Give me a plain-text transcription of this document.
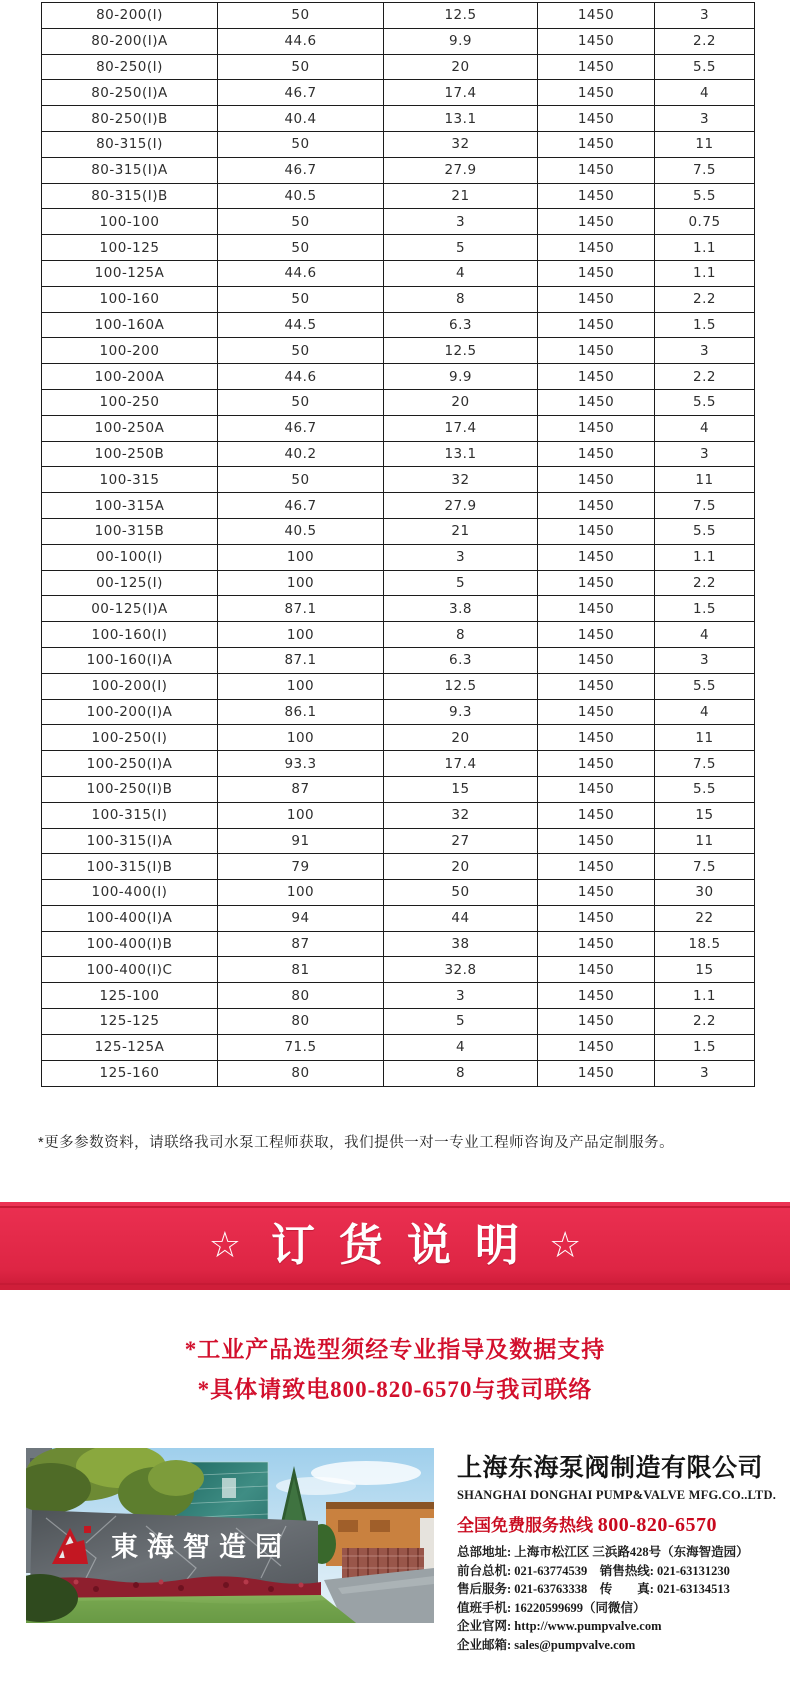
80-200(I)	50	12.5	1450	3
80-200(I)A	44.6	9.9	1450	2.2
80-250(I)	50	20	1450	5.5
80-250(I)A	46.7	17.4	1450	4
80-250(I)B	40.4	13.1	1450	3
80-315(I)	50	32	1450	11
80-315(I)A	46.7	27.9	1450	7.5
80-315(I)B	40.5	21	1450	5.5
100-100	50	3	1450	0.75
100-125	50	5	1450	1.1
100-125A	44.6	4	1450	1.1
100-160	50	8	1450	2.2
100-160A	44.5	6.3	1450	1.5
100-200	50	12.5	1450	3
100-200A	44.6	9.9	1450	2.2
100-250	50	20	1450	5.5
100-250A	46.7	17.4	1450	4
100-250B	40.2	13.1	1450	3
100-315	50	32	1450	11
100-315A	46.7	27.9	1450	7.5
100-315B	40.5	21	1450	5.5
00-100(I)	100	3	1450	1.1
00-125(I)	100	5	1450	2.2
00-125(I)A	87.1	3.8	1450	1.5
100-160(I)	100	8	1450	4
100-160(I)A	87.1	6.3	1450	3
100-200(I)	100	12.5	1450	5.5
100-200(I)A	86.1	9.3	1450	4
100-250(I)	100	20	1450	11
100-250(I)A	93.3	17.4	1450	7.5
100-250(I)B	87	15	1450	5.5
100-315(I)	100	32	1450	15
100-315(I)A	91	27	1450	11
100-315(I)B	79	20	1450	7.5
100-400(I)	100	50	1450	30
100-400(I)A	94	44	1450	22
100-400(I)B	87	38	1450	18.5
100-400(I)C	81	32.8	1450	15
125-100	80	3	1450	1.1
125-125	80	5	1450	2.2
125-125A	71.5	4	1450	1.5
125-160	80	8	1450	3

*更多参数资料，请联络我司水泵工程师获取，我们提供一对一专业工程师咨询及产品定制服务。

☆ 订货说明 ☆
*工业产品选型须经专业指导及数据支持
*具体请致电800-820-6570与我司联络
東海智造园
上海东海泵阀制造有限公司
SHANGHAI DONGHAI PUMP&VALVE MFG.CO..LTD.
全国免费服务热线 800-820-6570
总部地址: 上海市松江区 三浜路428号（东海智造园）
前台总机: 021-63774539　销售热线: 021-63131230
售后服务: 021-63763338　传　　真: 021-63134513
值班手机: 16220599699（同微信）
企业官网: http://www.pumpvalve.com
企业邮箱: sales@pumpvalve.com
